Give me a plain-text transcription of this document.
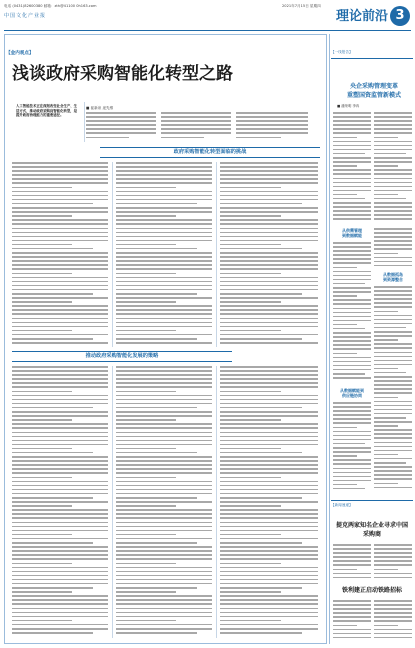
电话 (0431)82600380 邮箱：zth@41100 0h163.com
中国文化产业报
2021年7月15日 星期四
理论前沿 3
【金内观点】
浅谈政府采购智能化转型之路
人工智能技术正在深刻改变社会生产、生活方式，推动政府采购向智能化转型，是提升政府治理能力的重要途径。
■ 崔新泉 庞先维
政府采购智能化转型面临的挑战
推动政府采购智能化发展的策略
【一线报告】
央企采购管理变革
重塑国资监管新模式
■ 潘荣明 李冉
从供需管理
到数据赋能
从数据孤岛
到资源整合
从数据赋能到
供应链协同
【新闻速递】
提克两家知名企业寻求中国
采购商
铁利建正启动铁路招标
